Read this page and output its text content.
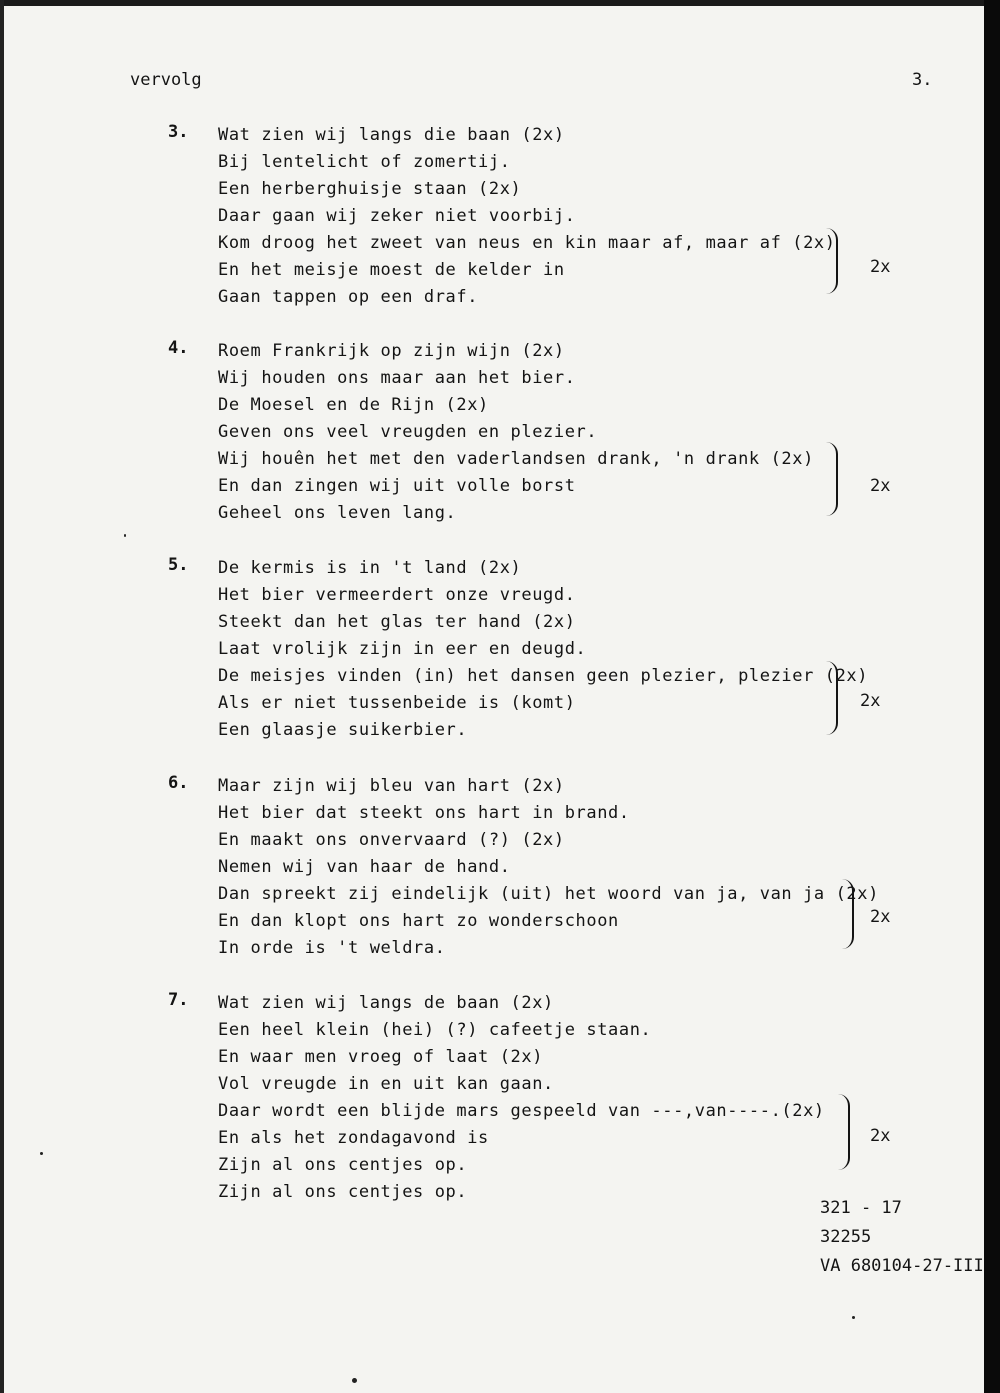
vervolg	3.
3. Wat zien wij langs die baan (2x)
Bij lentelicht of zomertij.
Een herberghuisje staan (2x)
Daar gaan wij zeker niet voorbij.
Kom droog het zweet van neus en kin maar af, maar af (2x)
En het meisje moest de kelder in
Gaan tappen op een draf.
2x
4. Roem Frankrijk op zijn wijn (2x)
Wij houden ons maar aan het bier.
De Moesel en de Rijn (2x)
Geven ons veel vreugden en plezier.
Wij houên het met den vaderlandsen drank, 'n drank (2x)
En dan zingen wij uit volle borst
Geheel ons leven lang.
2x
5. De kermis is in 't land (2x)
Het bier vermeerdert onze vreugd.
Steekt dan het glas ter hand (2x)
Laat vrolijk zijn in eer en deugd.
De meisjes vinden (in) het dansen geen plezier, plezier (2x)
Als er niet tussenbeide is (komt)
Een glaasje suikerbier.
2x
6. Maar zijn wij bleu van hart (2x)
Het bier dat steekt ons hart in brand.
En maakt ons onvervaard (?) (2x)
Nemen wij van haar de hand.
Dan spreekt zij eindelijk (uit) het woord van ja, van ja (2x)
En dan klopt ons hart zo wonderschoon
In orde is 't weldra.
2x
7. Wat zien wij langs de baan (2x)
Een heel klein (hei) (?) cafeetje staan.
En waar men vroeg of laat (2x)
Vol vreugde in en uit kan gaan.
Daar wordt een blijde mars gespeeld van ---,van----.(2x)
En als het zondagavond is
Zijn al ons centjes op.
Zijn al ons centjes op.
2x
321 - 17
32255
VA 680104-27-III
